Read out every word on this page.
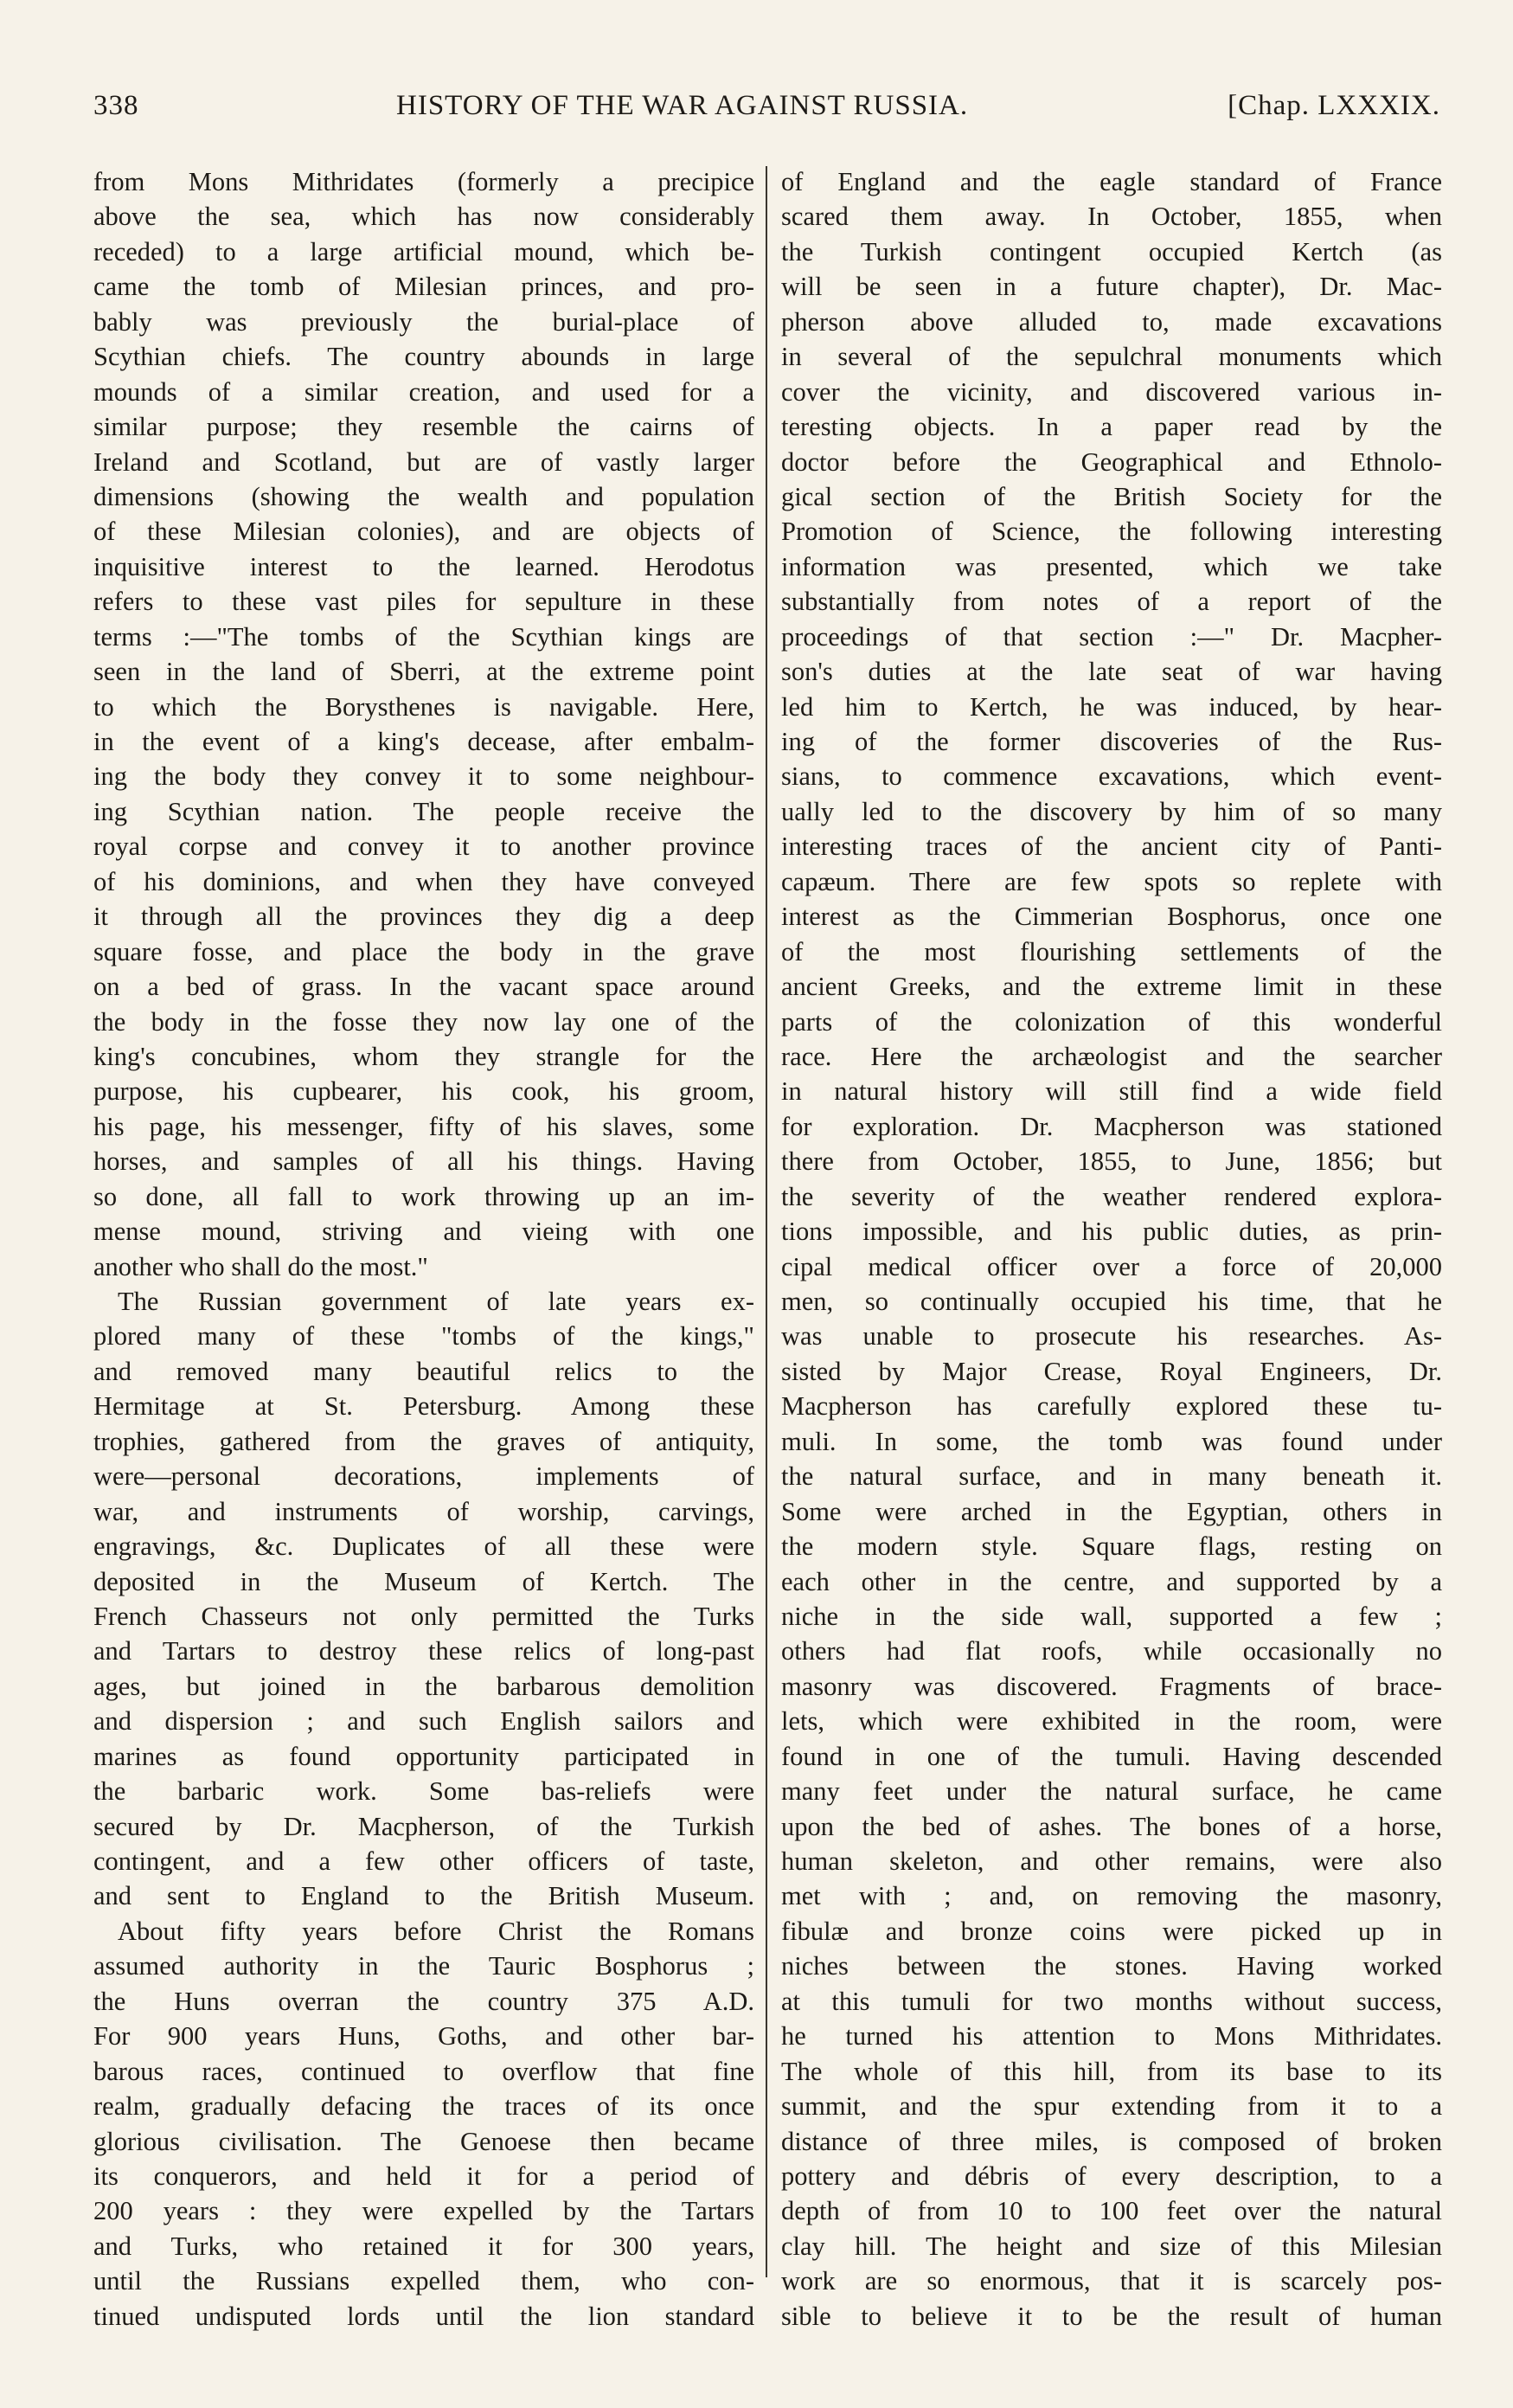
338	HISTORY OF THE WAR AGAINST RUSSIA.	[Chap. LXXXIX.
from Mons Mithridates (formerly a precipice
above the sea, which has now considerably
receded) to a large artificial mound, which be-
came the tomb of Milesian princes, and pro-
bably was previously the burial-place of
Scythian chiefs. The country abounds in large
mounds of a similar creation, and used for a
similar purpose; they resemble the cairns of
Ireland and Scotland, but are of vastly larger
dimensions (showing the wealth and population
of these Milesian colonies), and are objects of
inquisitive interest to the learned. Herodotus
refers to these vast piles for sepulture in these
terms :—"The tombs of the Scythian kings are
seen in the land of Sberri, at the extreme point
to which the Borysthenes is navigable. Here,
in the event of a king's decease, after embalm-
ing the body they convey it to some neighbour-
ing Scythian nation. The people receive the
royal corpse and convey it to another province
of his dominions, and when they have conveyed
it through all the provinces they dig a deep
square fosse, and place the body in the grave
on a bed of grass. In the vacant space around
the body in the fosse they now lay one of the
king's concubines, whom they strangle for the
purpose, his cupbearer, his cook, his groom,
his page, his messenger, fifty of his slaves, some
horses, and samples of all his things. Having
so done, all fall to work throwing up an im-
mense mound, striving and vieing with one
another who shall do the most."
The Russian government of late years ex-
plored many of these "tombs of the kings,"
and removed many beautiful relics to the
Hermitage at St. Petersburg. Among these
trophies, gathered from the graves of antiquity,
were—personal decorations, implements of
war, and instruments of worship, carvings,
engravings, &c. Duplicates of all these were
deposited in the Museum of Kertch. The
French Chasseurs not only permitted the Turks
and Tartars to destroy these relics of long-past
ages, but joined in the barbarous demolition
and dispersion ; and such English sailors and
marines as found opportunity participated in
the barbaric work. Some bas-reliefs were
secured by Dr. Macpherson, of the Turkish
contingent, and a few other officers of taste,
and sent to England to the British Museum.
About fifty years before Christ the Romans
assumed authority in the Tauric Bosphorus ;
the Huns overran the country 375 A.D.
For 900 years Huns, Goths, and other bar-
barous races, continued to overflow that fine
realm, gradually defacing the traces of its once
glorious civilisation. The Genoese then became
its conquerors, and held it for a period of
200 years : they were expelled by the Tartars
and Turks, who retained it for 300 years,
until the Russians expelled them, who con-
tinued undisputed lords until the lion standard
of England and the eagle standard of France
scared them away. In October, 1855, when
the Turkish contingent occupied Kertch (as
will be seen in a future chapter), Dr. Mac-
pherson above alluded to, made excavations
in several of the sepulchral monuments which
cover the vicinity, and discovered various in-
teresting objects. In a paper read by the
doctor before the Geographical and Ethnolo-
gical section of the British Society for the
Promotion of Science, the following interesting
information was presented, which we take
substantially from notes of a report of the
proceedings of that section :—" Dr. Macpher-
son's duties at the late seat of war having
led him to Kertch, he was induced, by hear-
ing of the former discoveries of the Rus-
sians, to commence excavations, which event-
ually led to the discovery by him of so many
interesting traces of the ancient city of Panti-
capæum. There are few spots so replete with
interest as the Cimmerian Bosphorus, once one
of the most flourishing settlements of the
ancient Greeks, and the extreme limit in these
parts of the colonization of this wonderful
race. Here the archæologist and the searcher
in natural history will still find a wide field
for exploration. Dr. Macpherson was stationed
there from October, 1855, to June, 1856; but
the severity of the weather rendered explora-
tions impossible, and his public duties, as prin-
cipal medical officer over a force of 20,000
men, so continually occupied his time, that he
was unable to prosecute his researches. As-
sisted by Major Crease, Royal Engineers, Dr.
Macpherson has carefully explored these tu-
muli. In some, the tomb was found under
the natural surface, and in many beneath it.
Some were arched in the Egyptian, others in
the modern style. Square flags, resting on
each other in the centre, and supported by a
niche in the side wall, supported a few ;
others had flat roofs, while occasionally no
masonry was discovered. Fragments of brace-
lets, which were exhibited in the room, were
found in one of the tumuli. Having descended
many feet under the natural surface, he came
upon the bed of ashes. The bones of a horse,
human skeleton, and other remains, were also
met with ; and, on removing the masonry,
fibulæ and bronze coins were picked up in
niches between the stones. Having worked
at this tumuli for two months without success,
he turned his attention to Mons Mithridates.
The whole of this hill, from its base to its
summit, and the spur extending from it to a
distance of three miles, is composed of broken
pottery and débris of every description, to a
depth of from 10 to 100 feet over the natural
clay hill. The height and size of this Milesian
work are so enormous, that it is scarcely pos-
sible to believe it to be the result of human
